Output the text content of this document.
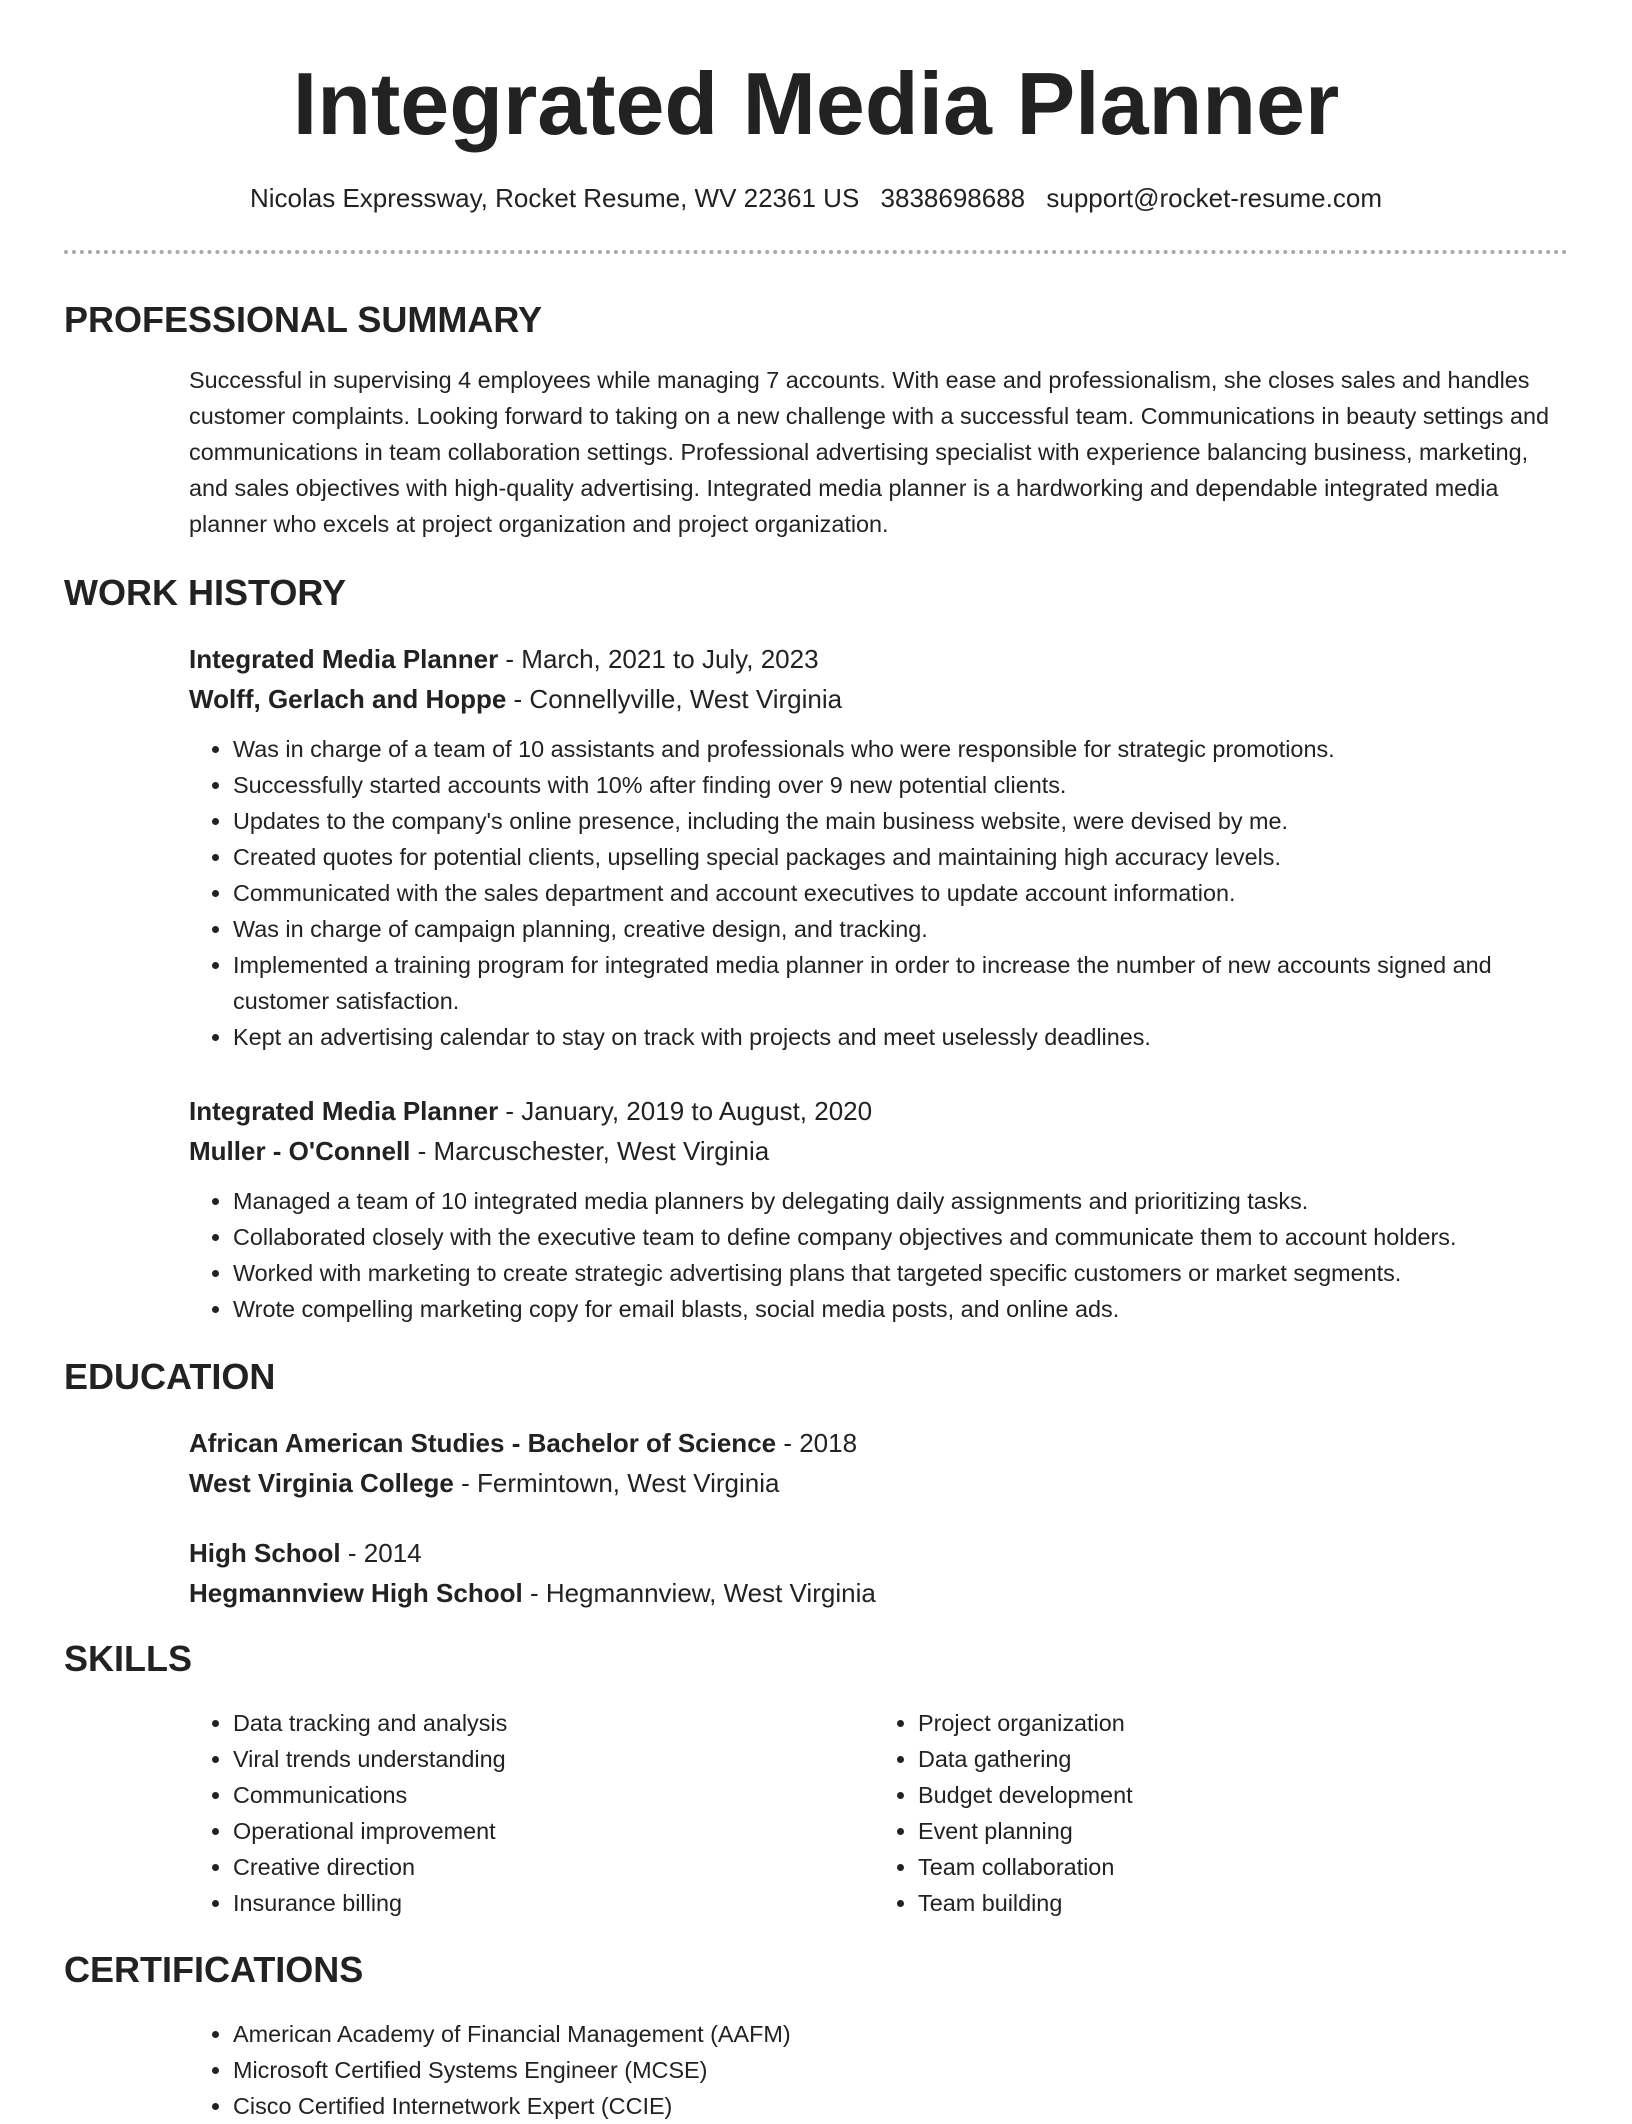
Integrated Media Planner
Nicolas Expressway, Rocket Resume, WV 22361 US 3838698688 support@rocket-resume.com
PROFESSIONAL SUMMARY
Successful in supervising 4 employees while managing 7 accounts. With ease and professionalism, she closes sales and handles customer complaints. Looking forward to taking on a new challenge with a successful team. Communications in beauty settings and communications in team collaboration settings. Professional advertising specialist with experience balancing business, marketing, and sales objectives with high-quality advertising. Integrated media planner is a hardworking and dependable integrated media planner who excels at project organization and project organization.
WORK HISTORY
Integrated Media Planner - March, 2021 to July, 2023
Wolff, Gerlach and Hoppe - Connellyville, West Virginia
• Was in charge of a team of 10 assistants and professionals who were responsible for strategic promotions.
• Successfully started accounts with 10% after finding over 9 new potential clients.
• Updates to the company's online presence, including the main business website, were devised by me.
• Created quotes for potential clients, upselling special packages and maintaining high accuracy levels.
• Communicated with the sales department and account executives to update account information.
• Was in charge of campaign planning, creative design, and tracking.
• Implemented a training program for integrated media planner in order to increase the number of new accounts signed and customer satisfaction.
• Kept an advertising calendar to stay on track with projects and meet uselessly deadlines.
Integrated Media Planner - January, 2019 to August, 2020
Muller - O'Connell - Marcuschester, West Virginia
• Managed a team of 10 integrated media planners by delegating daily assignments and prioritizing tasks.
• Collaborated closely with the executive team to define company objectives and communicate them to account holders.
• Worked with marketing to create strategic advertising plans that targeted specific customers or market segments.
• Wrote compelling marketing copy for email blasts, social media posts, and online ads.
EDUCATION
African American Studies - Bachelor of Science - 2018
West Virginia College - Fermintown, West Virginia
High School - 2014
Hegmannview High School - Hegmannview, West Virginia
SKILLS
• Data tracking and analysis
• Viral trends understanding
• Communications
• Operational improvement
• Creative direction
• Insurance billing
• Project organization
• Data gathering
• Budget development
• Event planning
• Team collaboration
• Team building
CERTIFICATIONS
• American Academy of Financial Management (AAFM)
• Microsoft Certified Systems Engineer (MCSE)
• Cisco Certified Internetwork Expert (CCIE)
